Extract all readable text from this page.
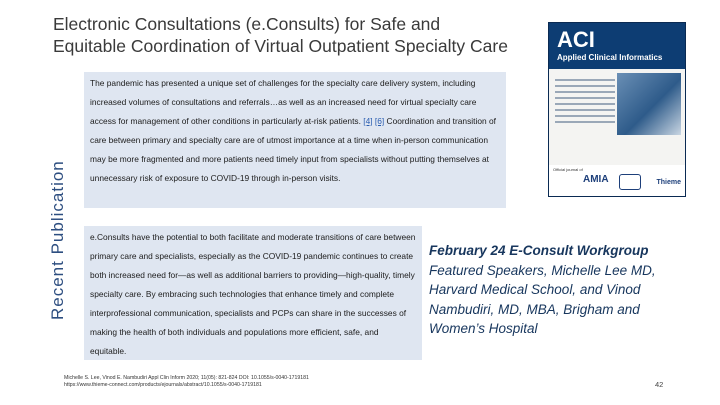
Electronic Consultations (e.Consults) for Safe and Equitable Coordination of Virtual Outpatient Specialty Care
Recent Publication
The pandemic has presented a unique set of challenges for the specialty care delivery system, including increased volumes of consultations and referrals…as well as an increased need for virtual specialty care access for management of other conditions in particularly at-risk patients. [4] [6] Coordination and transition of care between primary and specialty care are of utmost importance at a time when in-person communication may be more fragmented and more patients need timely input from specialists without putting themselves at unnecessary risk of exposure to COVID-19 through in-person visits.
e.Consults have the potential to both facilitate and moderate transitions of care between primary care and specialists, especially as the COVID-19 pandemic continues to create both increased need for—as well as additional barriers to providing—high-quality, timely specialty care. By embracing such technologies that enhance timely and complete interprofessional communication, specialists and PCPs can share in the successes of making the health of both individuals and populations more efficient, safe, and equitable.
ACI
Applied Clinical Informatics
Official journal of
AMIA	Thieme
February 24 E-Consult Workgroup
Featured Speakers, Michelle Lee MD, Harvard Medical School, and Vinod Nambudiri, MD, MBA, Brigham and Women’s Hospital
Michelle S. Lee, Vinod E. Nambudiri Appl Clin Inform 2020; 11(05): 821-824 DOI: 10.1055/s-0040-1719181
https://www.thieme-connect.com/products/ejournals/abstract/10.1055/s-0040-1719181	42
